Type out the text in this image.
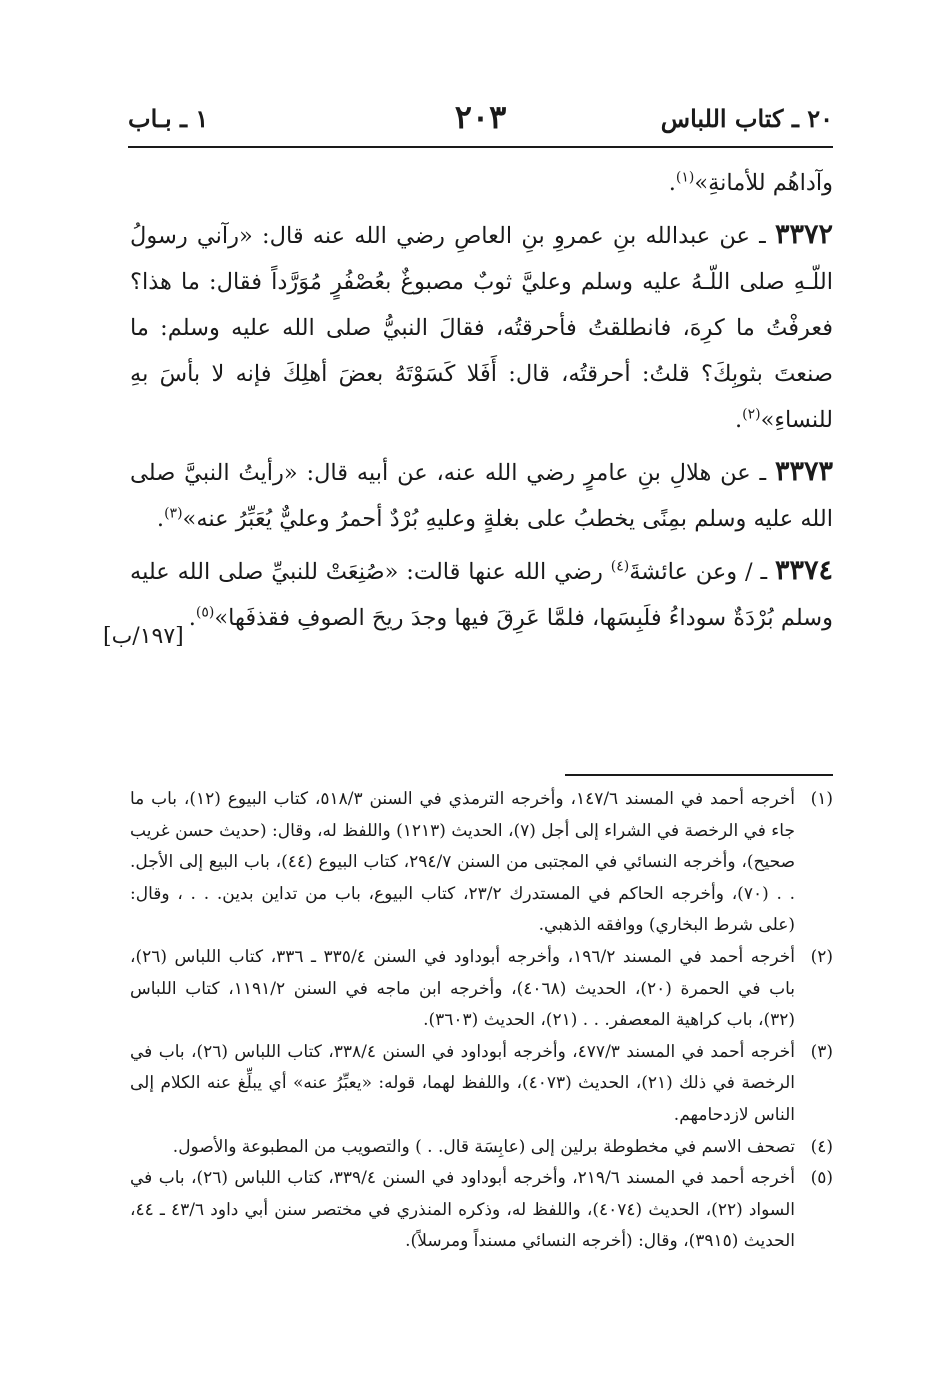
٢٠ ـ كتاب اللباس
٢٠٣
١ ـ بـاب

وآداهُم للأمانةِ»$^{(١)}$.

٣٣٧٢ ـ عن عبدالله بنِ عمروِ بنِ العاصِ رضي الله عنه قال: «رآني رسولُ اللّـهِ صلى اللّـهُ عليه وسلم وعليَّ ثوبٌ مصبوغٌ بعُصْفُرٍ مُوَرَّداً فقال: ما هذا؟ فعرفْتُ ما كرِهَ، فانطلقتُ فأحرقتُه، فقالَ النبيُّ صلى الله عليه وسلم: ما صنعتَ بثوبِكَ؟ قلتُ: أحرقتُه، قال: أَفَلا كَسَوْتَهُ بعضَ أهلِكَ فإنه لا بأسَ بهِ للنساءِ»$^{(٢)}$.

٣٣٧٣ ـ عن هلالِ بنِ عامرٍ رضي الله عنه، عن أبيه قال: «رأيتُ النبيَّ صلى الله عليه وسلم بمِنًى يخطبُ على بغلةٍ وعليهِ بُرْدٌ أحمرُ وعليٌّ يُعَبِّرُ عنه»$^{(٣)}$.

٣٣٧٤ ـ / وعن عائشةَ$^{(٤)}$ رضي الله عنها قالت: «صُنِعَتْ للنبيِّ صلى الله عليه وسلم بُرْدَةٌ سوداءُ فلَبِسَها، فلمَّا عَرِقَ فيها وجدَ ريحَ الصوفِ فقذفَها»$^{(٥)}$.

[١٩٧/ب]
(١)
أخرجه أحمد في المسند ١٤٧/٦، وأخرجه الترمذي في السنن ٥١٨/٣، كتاب البيوع (١٢)، باب ما جاء في الرخصة في الشراء إلى أجل (٧)، الحديث (١٢١٣) واللفظ له، وقال: (حديث حسن غريب صحيح)، وأخرجه النسائي في المجتبى من السنن ٢٩٤/٧، كتاب البيوع (٤٤)، باب البيع إلى الأجل. . . (٧٠)، وأخرجه الحاكم في المستدرك ٢٣/٢، كتاب البيوع، باب من تداين بدين. . . ، وقال: (على شرط البخاري) ووافقه الذهبي.
(٢)
أخرجه أحمد في المسند ١٩٦/٢، وأخرجه أبوداود في السنن ٣٣٥/٤ ـ ٣٣٦، كتاب اللباس (٢٦)، باب في الحمرة (٢٠)، الحديث (٤٠٦٨)، وأخرجه ابن ماجه في السنن ١١٩١/٢، كتاب اللباس (٣٢)، باب كراهية المعصفر. . . (٢١)، الحديث (٣٦٠٣).
(٣)
أخرجه أحمد في المسند ٤٧٧/٣، وأخرجه أبوداود في السنن ٣٣٨/٤، كتاب اللباس (٢٦)، باب في الرخصة في ذلك (٢١)، الحديث (٤٠٧٣)، واللفظ لهما، قوله: «يعبِّرُ عنه» أي يبلِّغ عنه الكلام إلى الناس لازدحامهم.
(٤)
تصحف الاسم في مخطوطة برلين إلى (عابِسَة قال. . ) والتصويب من المطبوعة والأصول.
(٥)
أخرجه أحمد في المسند ٢١٩/٦، وأخرجه أبوداود في السنن ٣٣٩/٤، كتاب اللباس (٢٦)، باب في السواد (٢٢)، الحديث (٤٠٧٤)، واللفظ له، وذكره المنذري في مختصر سنن أبي داود ٤٣/٦ ـ ٤٤، الحديث (٣٩١٥)، وقال: (أخرجه النسائي مسنداً ومرسلاً).
